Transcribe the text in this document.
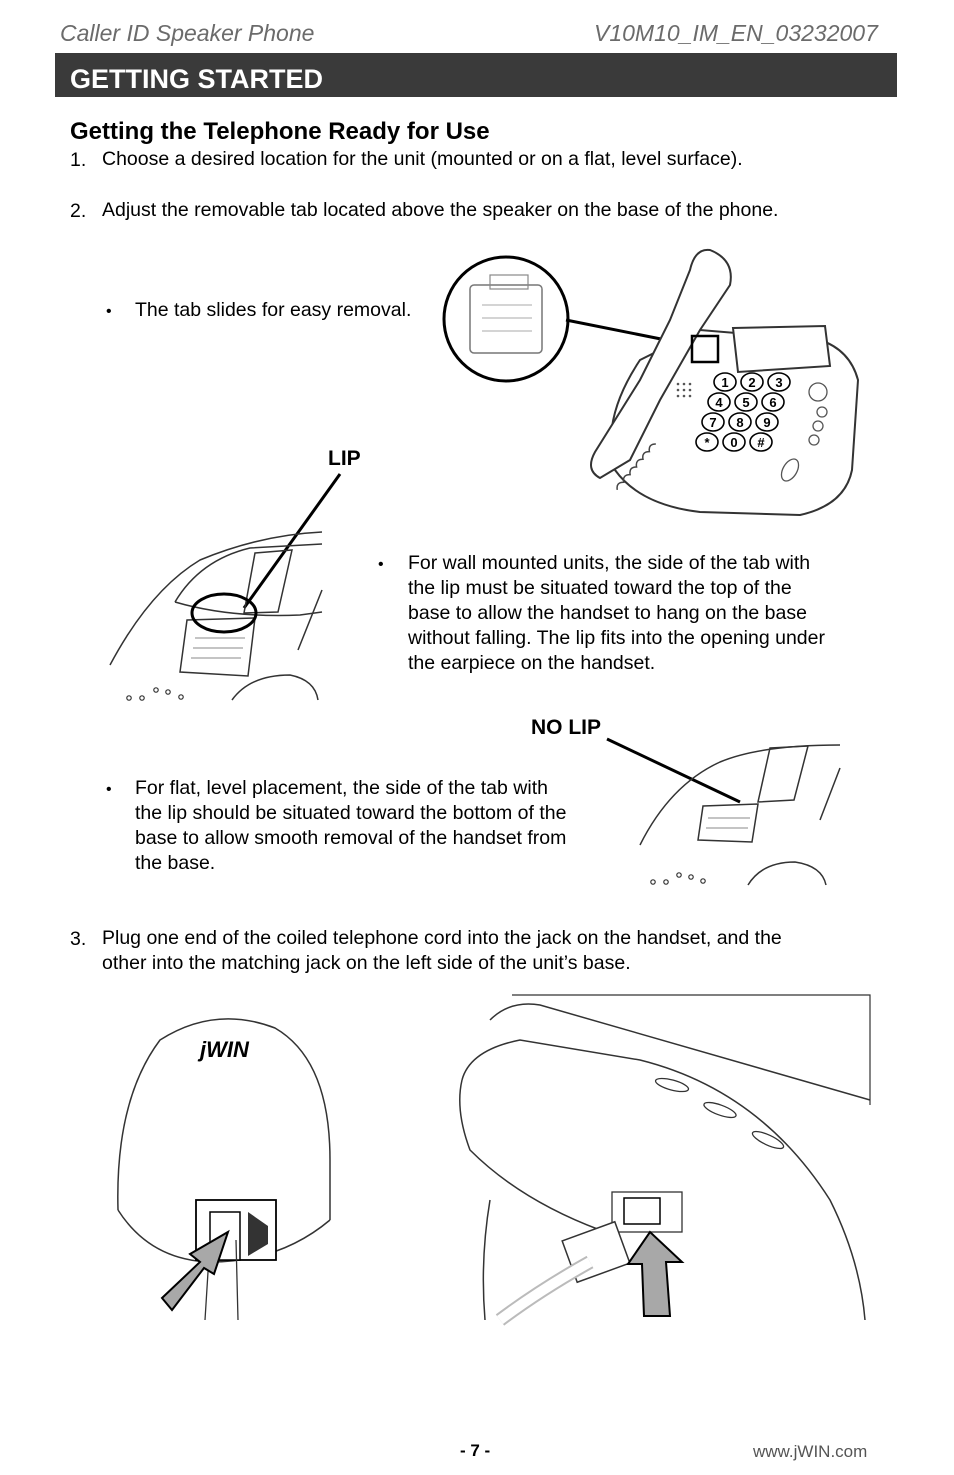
Caller ID Speaker Phone	V10M10_IM_EN_03232007
GETTING STARTED
Getting the Telephone Ready for Use
1. Choose a desired location for the unit (mounted or on a flat, level surface).
2. Adjust the removable tab located above the speaker on the base of the phone.
1 2 3
4 5 6
7 8 9
* 0 #
• The tab slides for easy removal.
LIP
• For wall mounted units, the side of the tab with
the lip must be situated toward the top of the
base to allow the handset to hang on the base
without falling. The lip fits into the opening under
the earpiece on the handset.
NO LIP
• For flat, level placement, the side of the tab with
the lip should be situated toward the bottom of the
base to allow smooth removal of the handset from
the base.
3. Plug one end of the coiled telephone cord into the jack on the handset, and the
other into the matching jack on the left side of the unit’s base.
jWIN
- 7 -	www.jWIN.com
